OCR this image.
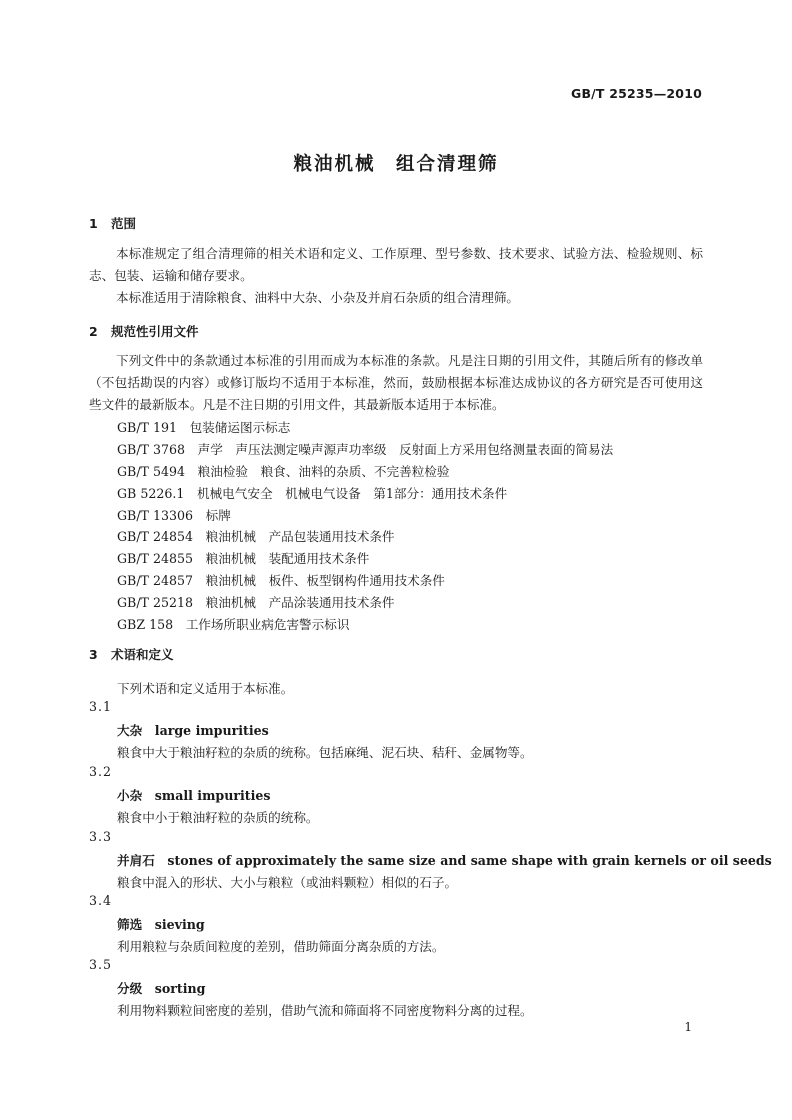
GB/T 25235—2010
粮油机械　组合清理筛
1 范围
本标准规定了组合清理筛的相关术语和定义、工作原理、型号参数、技术要求、试验方法、检验规则、标志、包装、运输和储存要求。
本标准适用于清除粮食、油料中大杂、小杂及并肩石杂质的组合清理筛。
2 规范性引用文件
下列文件中的条款通过本标准的引用而成为本标准的条款。凡是注日期的引用文件，其随后所有的修改单（不包括勘误的内容）或修订版均不适用于本标准，然而，鼓励根据本标准达成协议的各方研究是否可使用这些文件的最新版本。凡是不注日期的引用文件，其最新版本适用于本标准。
GB/T 191　包装储运图示标志
GB/T 3768　声学　声压法测定噪声源声功率级　反射面上方采用包络测量表面的简易法
GB/T 5494　粮油检验　粮食、油料的杂质、不完善粒检验
GB 5226.1　机械电气安全　机械电气设备　第1部分：通用技术条件
GB/T 13306　标牌
GB/T 24854　粮油机械　产品包装通用技术条件
GB/T 24855　粮油机械　装配通用技术条件
GB/T 24857　粮油机械　板件、板型钢构件通用技术条件
GB/T 25218　粮油机械　产品涂装通用技术条件
GBZ 158　工作场所职业病危害警示标识
3 术语和定义
下列术语和定义适用于本标准。
3.1
大杂　 large impurities
粮食中大于粮油籽粒的杂质的统称。包括麻绳、泥石块、秸秆、金属物等。
3.2
小杂　 small impurities
粮食中小于粮油籽粒的杂质的统称。
3.3
并肩石　 stones of approximately the same size and same shape with grain kernels or oil seeds
粮食中混入的形状、大小与粮粒（或油料颗粒）相似的石子。
3.4
筛选　 sieving
利用粮粒与杂质间粒度的差别，借助筛面分离杂质的方法。
3.5
分级　 sorting
利用物料颗粒间密度的差别，借助气流和筛面将不同密度物料分离的过程。
1
